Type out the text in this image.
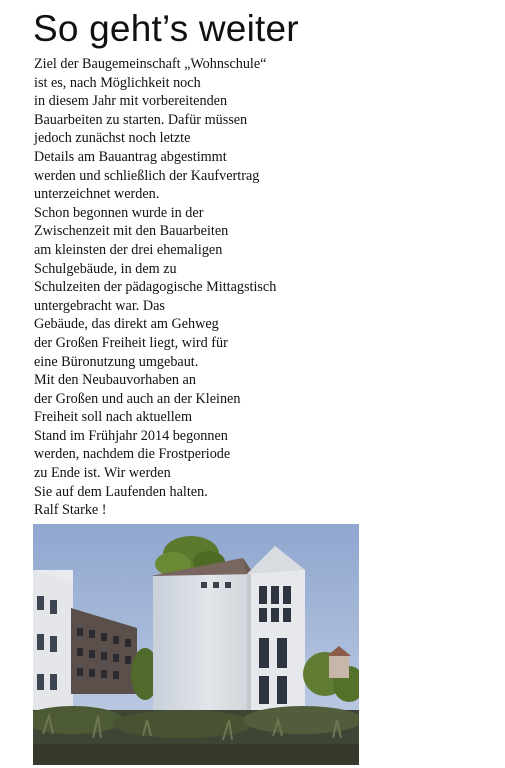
So geht’s weiter
Ziel der Baugemeinschaft „Wohnschule“
ist es, nach Möglichkeit noch
in diesem Jahr mit vorbereitenden
Bauarbeiten zu starten. Dafür müssen
jedoch zunächst noch letzte
Details am Bauantrag abgestimmt
werden und schließlich der Kaufvertrag
unterzeichnet werden.
Schon begonnen wurde in der
Zwischenzeit mit den Bauarbeiten
am kleinsten der drei ehemaligen
Schulgebäude, in dem zu
Schulzeiten der pädagogische Mittagstisch
untergebracht war. Das
Gebäude, das direkt am Gehweg
der Großen Freiheit liegt, wird für
eine Büronutzung umgebaut.
Mit den Neubauvorhaben an
der Großen und auch an der Kleinen
Freiheit soll nach aktuellem
Stand im Frühjahr 2014 begonnen
werden, nachdem die Frostperiode
zu Ende ist. Wir werden
Sie auf dem Laufenden halten.
Ralf Starke !
